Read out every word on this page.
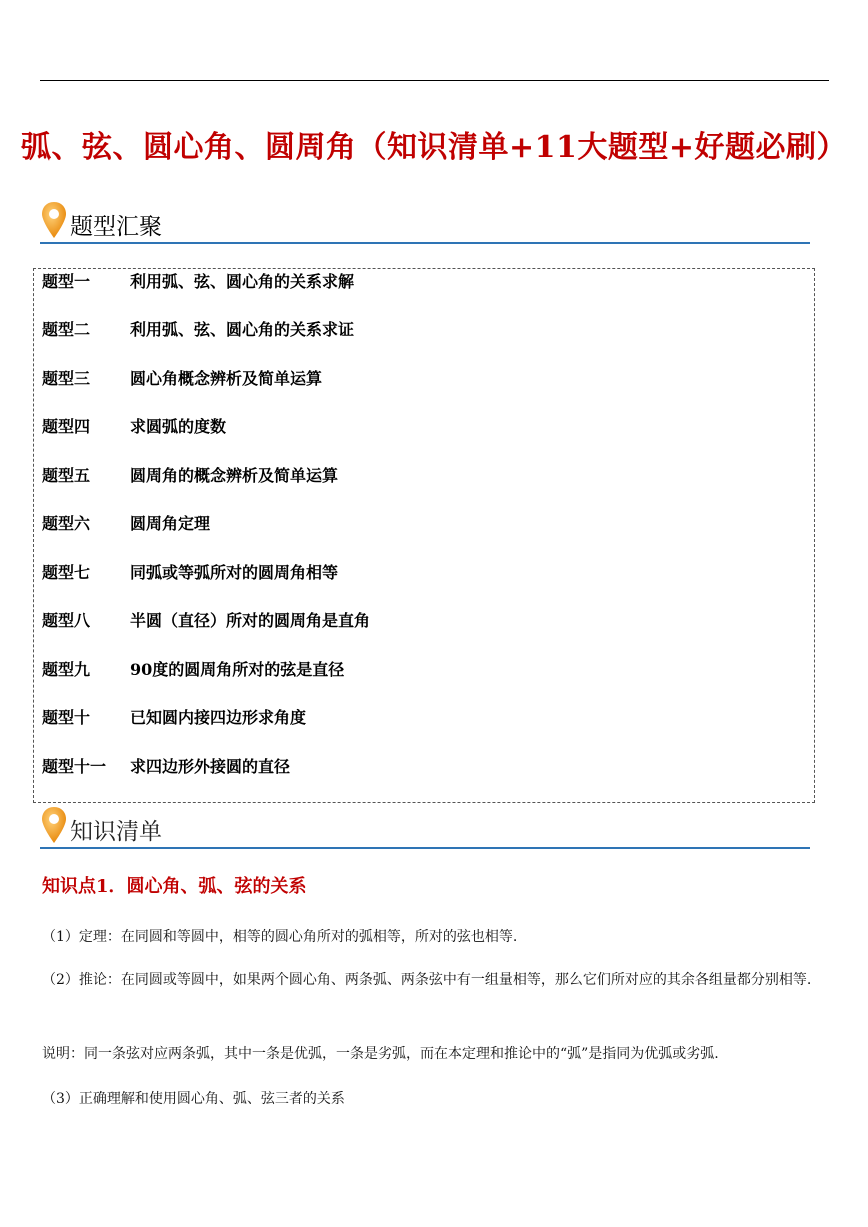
弧、弦、圆心角、圆周角（知识清单+11大题型+好题必刷）
题型汇聚
题型一 利用弧、弦、圆心角的关系求解
题型二 利用弧、弦、圆心角的关系求证
题型三 圆心角概念辨析及简单运算
题型四 求圆弧的度数
题型五 圆周角的概念辨析及简单运算
题型六 圆周角定理
题型七 同弧或等弧所对的圆周角相等
题型八 半圆（直径）所对的圆周角是直角
题型九 90度的圆周角所对的弦是直径
题型十 已知圆内接四边形求角度
题型十一 求四边形外接圆的直径
知识清单
知识点1．圆心角、弧、弦的关系
（1）定理：在同圆和等圆中，相等的圆心角所对的弧相等，所对的弦也相等.
（2）推论：在同圆或等圆中，如果两个圆心角、两条弧、两条弦中有一组量相等，那么它们所对应的其余各组量都分别相等.
说明：同一条弦对应两条弧，其中一条是优弧，一条是劣弧，而在本定理和推论中的“弧”是指同为优弧或劣弧.
（3）正确理解和使用圆心角、弧、弦三者的关系
